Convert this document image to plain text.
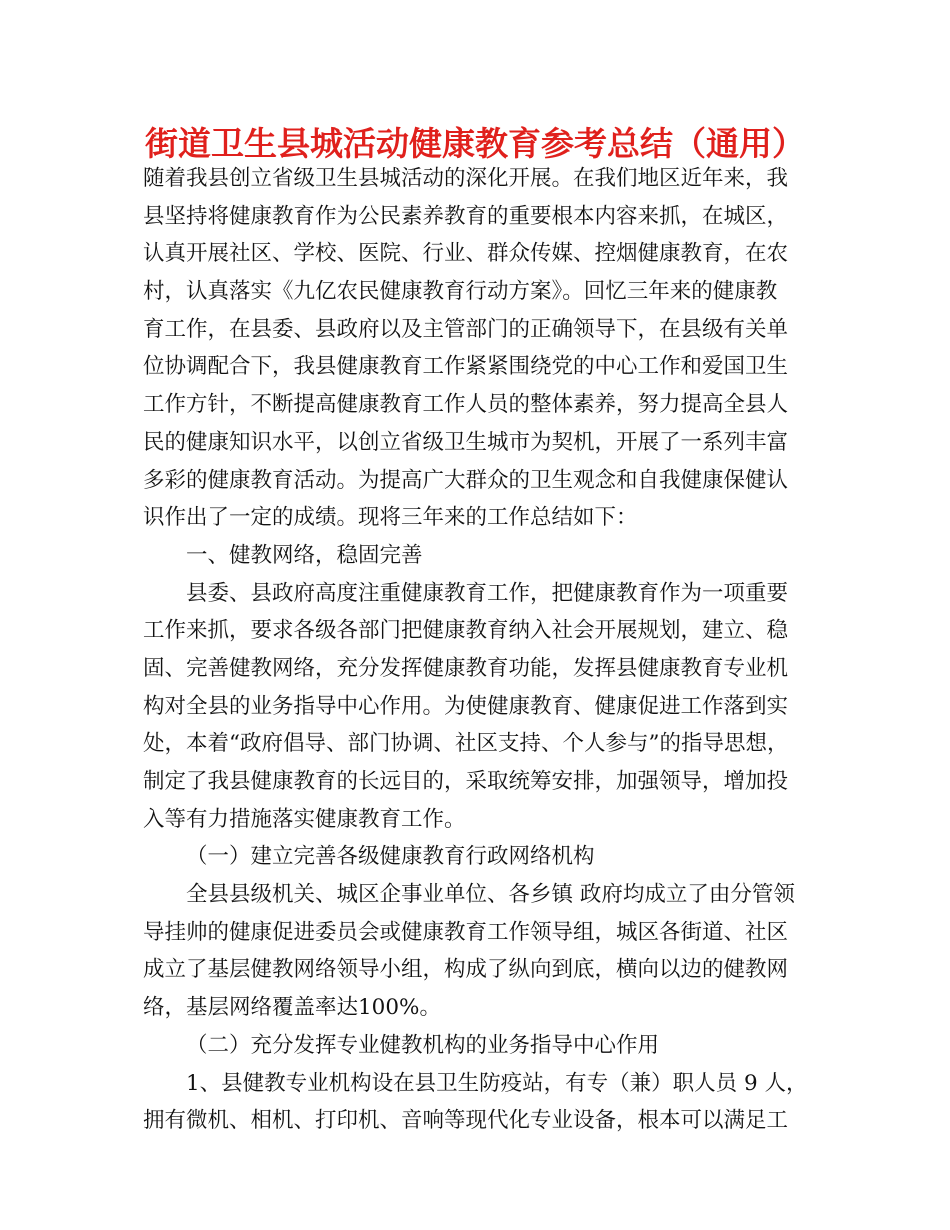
街道卫生县城活动健康教育参考总结（通用）
随着我县创立省级卫生县城活动的深化开展。在我们地区近年来，我
县坚持将健康教育作为公民素养教育的重要根本内容来抓，在城区，
认真开展社区、学校、医院、行业、群众传媒、控烟健康教育，在农
村，认真落实《九亿农民健康教育行动方案》。回忆三年来的健康教
育工作，在县委、县政府以及主管部门的正确领导下，在县级有关单
位协调配合下，我县健康教育工作紧紧围绕党的中心工作和爱国卫生
工作方针，不断提高健康教育工作人员的整体素养，努力提高全县人
民的健康知识水平，以创立省级卫生城市为契机，开展了一系列丰富
多彩的健康教育活动。为提高广大群众的卫生观念和自我健康保健认
识作出了一定的成绩。现将三年来的工作总结如下：
一、健教网络，稳固完善
县委、县政府高度注重健康教育工作，把健康教育作为一项重要
工作来抓，要求各级各部门把健康教育纳入社会开展规划，建立、稳
固、完善健教网络，充分发挥健康教育功能，发挥县健康教育专业机
构对全县的业务指导中心作用。为使健康教育、健康促进工作落到实
处，本着“政府倡导、部门协调、社区支持、个人参与”的指导思想，
制定了我县健康教育的长远目的，采取统筹安排，加强领导，增加投
入等有力措施落实健康教育工作。
（一）建立完善各级健康教育行政网络机构
全县县级机关、城区企事业单位、各乡镇 政府均成立了由分管领
导挂帅的健康促进委员会或健康教育工作领导组，城区各街道、社区
成立了基层健教网络领导小组，构成了纵向到底，横向以边的健教网
络，基层网络覆盖率达100%。
（二）充分发挥专业健教机构的业务指导中心作用
1、县健教专业机构设在县卫生防疫站，有专（兼）职人员 9 人，
拥有微机、相机、打印机、音响等现代化专业设备，根本可以满足工
